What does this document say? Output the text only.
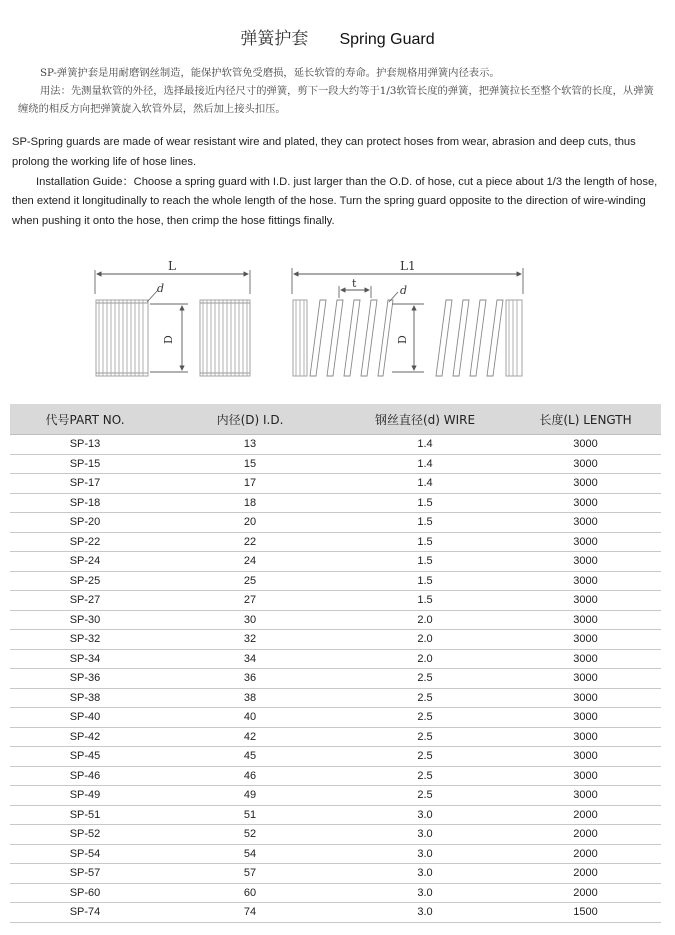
弹簧护套 Spring Guard

SP-弹簧护套是用耐磨钢丝制造，能保护软管免受磨损，延长软管的寿命。护套规格用弹簧内径表示。

用法：先测量软管的外径，选择最接近内径尺寸的弹簧，剪下一段大约等于1/3软管长度的弹簧，把弹簧拉长至整个软管的长度，从弹簧缠绕的相反方向把弹簧旋入软管外层，然后加上接头扣压。

SP-Spring guards are made of wear resistant wire and plated, they can protect hoses from wear, abrasion and deep cuts, thus prolong the working life of hose lines.

Installation Guide：Choose a spring guard with I.D. just larger than the O.D. of hose, cut a piece about 1/3 the length of hose, then extend it longitudinally to reach the whole length of the hose. Turn the spring guard opposite to the direction of wire-winding when pushing it onto the hose, then crimp the hose fittings finally.

L
d
D
L1
t
d
D
代号PART NO.	内径(D) I.D.	钢丝直径(d) WIRE	长度(L) LENGTH
SP-13	13	1.4	3000
SP-15	15	1.4	3000
SP-17	17	1.4	3000
SP-18	18	1.5	3000
SP-20	20	1.5	3000
SP-22	22	1.5	3000
SP-24	24	1.5	3000
SP-25	25	1.5	3000
SP-27	27	1.5	3000
SP-30	30	2.0	3000
SP-32	32	2.0	3000
SP-34	34	2.0	3000
SP-36	36	2.5	3000
SP-38	38	2.5	3000
SP-40	40	2.5	3000
SP-42	42	2.5	3000
SP-45	45	2.5	3000
SP-46	46	2.5	3000
SP-49	49	2.5	3000
SP-51	51	3.0	2000
SP-52	52	3.0	2000
SP-54	54	3.0	2000
SP-57	57	3.0	2000
SP-60	60	3.0	2000
SP-74	74	3.0	1500
